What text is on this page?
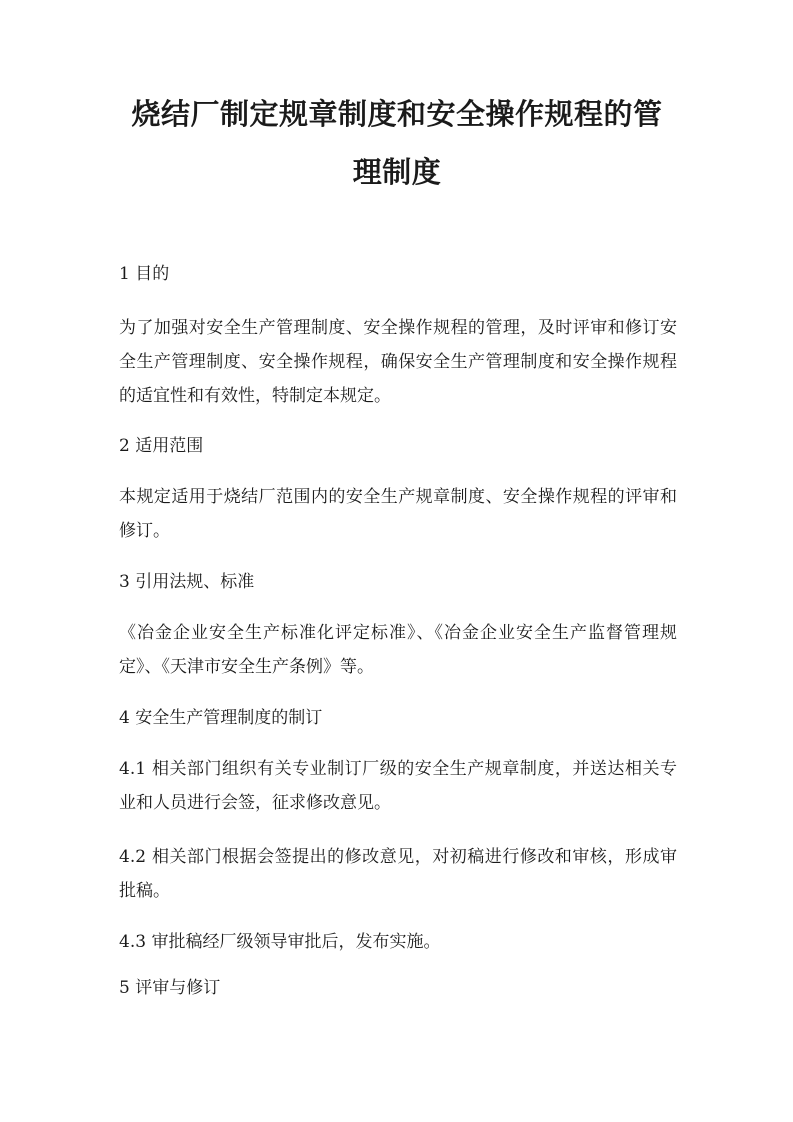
烧结厂制定规章制度和安全操作规程的管
理制度
1 目的
为了加强对安全生产管理制度、安全操作规程的管理，及时评审和修订安全生产管理制度、安全操作规程，确保安全生产管理制度和安全操作规程的适宜性和有效性，特制定本规定。
2 适用范围
本规定适用于烧结厂范围内的安全生产规章制度、安全操作规程的评审和修订。
3 引用法规、标准
《冶金企业安全生产标准化评定标准》、《冶金企业安全生产监督管理规定》、《天津市安全生产条例》等。
4 安全生产管理制度的制订
4.1 相关部门组织有关专业制订厂级的安全生产规章制度，并送达相关专业和人员进行会签，征求修改意见。
4.2 相关部门根据会签提出的修改意见，对初稿进行修改和审核，形成审批稿。
4.3 审批稿经厂级领导审批后，发布实施。
5 评审与修订
